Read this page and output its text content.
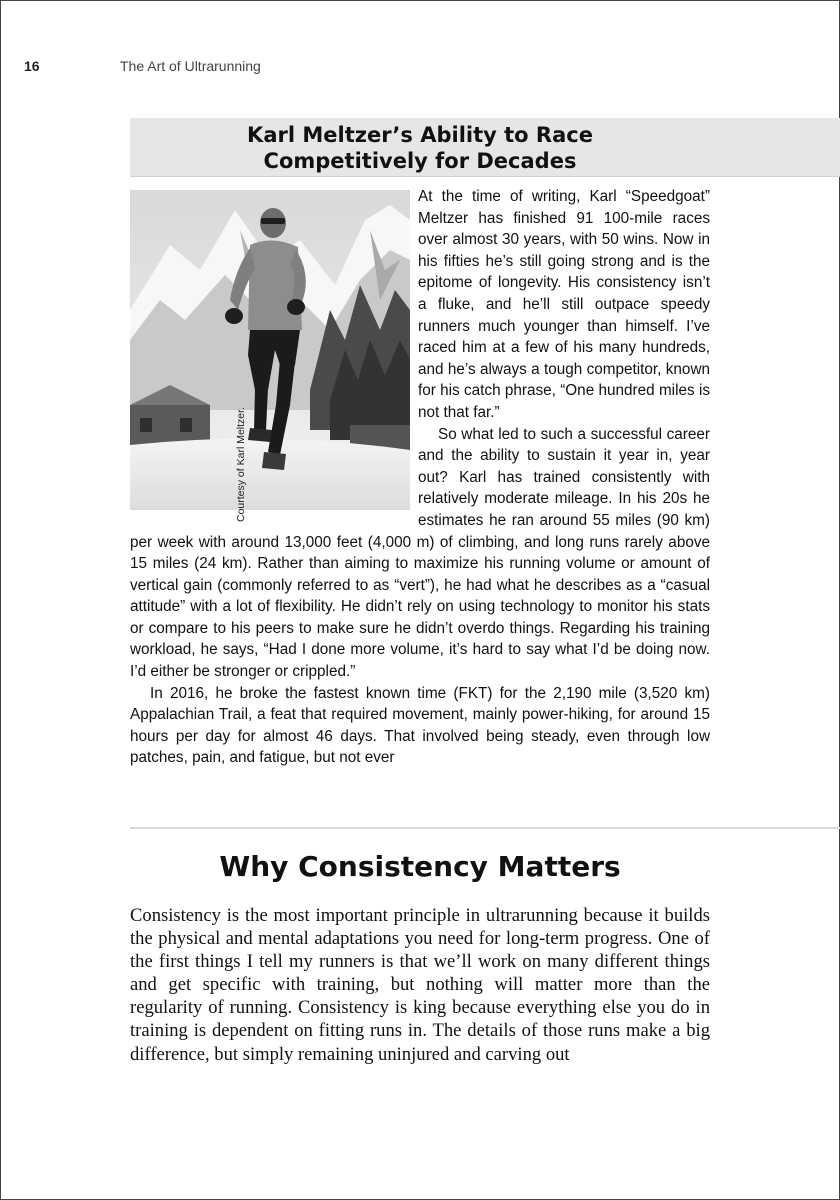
16	The Art of Ultrarunning
Karl Meltzer’s Ability to Race
Competitively for Decades

At the time of writing, Karl “Speedgoat” Meltzer has finished 91 100-mile races over almost 30 years, with 50 wins. Now in his fifties he’s still going strong and is the epitome of longevity. His consistency isn’t a fluke, and he’ll still outpace speedy runners much younger than himself. I’ve raced him at a few of his many hundreds, and he’s always a tough competitor, known for his catch phrase, “One hundred miles is not that far.”

So what led to such a successful career and the ability to sustain it year in, year out? Karl has trained consistently with relatively moderate mileage. In his 20s he estimates he ran around 55 miles (90 km) per week with around 13,000 feet (4,000 m) of climbing, and long runs rarely above 15 miles (24 km). Rather than aiming to maximize his running volume or amount of vertical gain (commonly referred to as “vert”), he had what he describes as a “casual attitude” with a lot of flexibility. He didn’t rely on using technology to monitor his stats or compare to his peers to make sure he didn’t overdo things. Regarding his training workload, he says, “Had I done more volume, it’s hard to say what I’d be doing now. I’d either be stronger or crippled.”

In 2016, he broke the fastest known time (FKT) for the 2,190 mile (3,520 km) Appalachian Trail, a feat that required movement, mainly power-hiking, for around 15 hours per day for almost 46 days. That involved being steady, even through low patches, pain, and fatigue, but not ever

Courtesy of Karl Meltzer.
Why Consistency Matters

Consistency is the most important principle in ultrarunning because it builds the physical and mental adaptations you need for long-term progress. One of the first things I tell my runners is that we’ll work on many different things and get specific with training, but nothing will matter more than the regularity of running. Consistency is king because everything else you do in training is dependent on fitting runs in. The details of those runs make a big difference, but simply remaining uninjured and carving out
